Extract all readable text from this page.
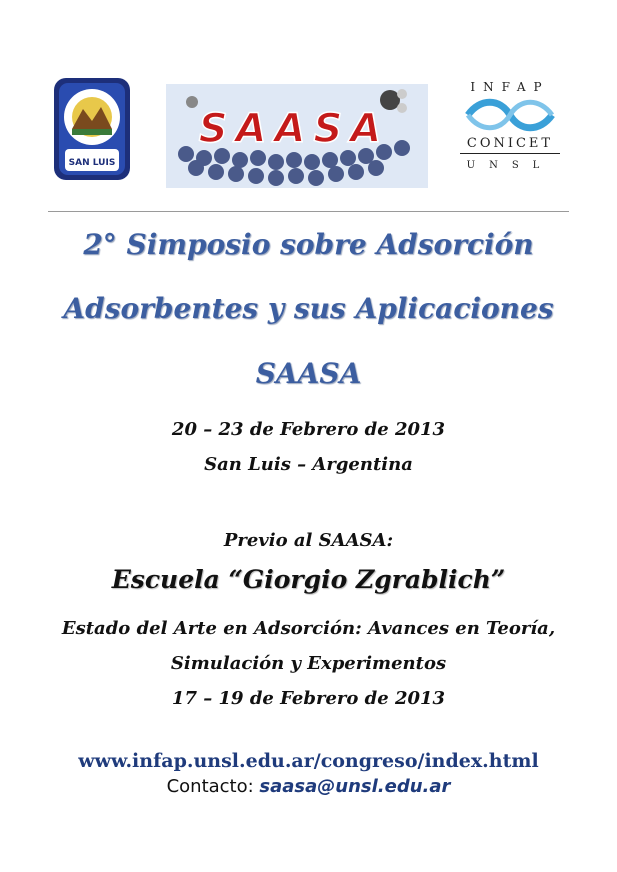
SAN LUIS
SAASA
INFAP
CONICET
UNSL
2° Simposio sobre Adsorción
Adsorbentes y sus Aplicaciones
SAASA
20 – 23 de Febrero de 2013
San Luis – Argentina
Previo al SAASA:
Escuela “Giorgio Zgrablich”
Estado del Arte en Adsorción: Avances en Teoría,
Simulación y Experimentos
17 – 19 de Febrero de 2013
www.infap.unsl.edu.ar/congreso/index.html
Contacto: saasa@unsl.edu.ar
